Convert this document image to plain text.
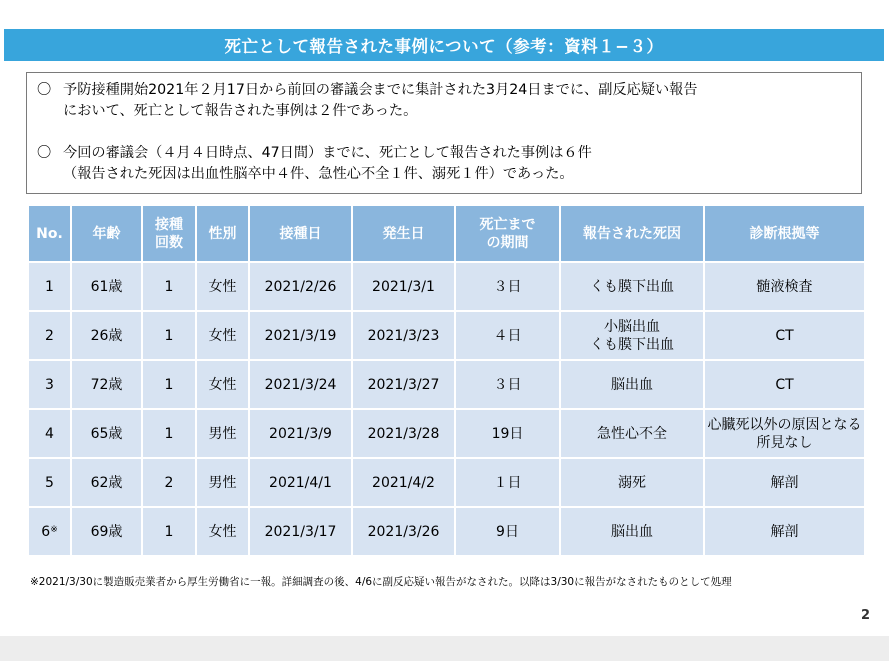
死亡として報告された事例について（参考：資料１−３）
〇 予防接種開始2021年２月17日から前回の審議会までに集計された3月24日までに、副反応疑い報告
において、死亡として報告された事例は２件であった。
〇 今回の審議会（４月４日時点、47日間）までに、死亡として報告された事例は６件
（報告された死因は出血性脳卒中４件、急性心不全１件、溺死１件）であった。
No.	年齢	接種
回数	性別	接種日	発生日	死亡まで
の期間	報告された死因	診断根拠等
1	61歳	1	女性	2021/2/26	2021/3/1	３日	くも膜下出血	髄液検査
2	26歳	1	女性	2021/3/19	2021/3/23	４日	小脳出血
くも膜下出血	CT
3	72歳	1	女性	2021/3/24	2021/3/27	３日	脳出血	CT
4	65歳	1	男性	2021/3/9	2021/3/28	19日	急性心不全	心臓死以外の原因となる
所見なし
5	62歳	2	男性	2021/4/1	2021/4/2	１日	溺死	解剖
6※	69歳	1	女性	2021/3/17	2021/3/26	9日	脳出血	解剖
※2021/3/30に製造販売業者から厚生労働省に一報。詳細調査の後、4/6に副反応疑い報告がなされた。以降は3/30に報告がなされたものとして処理
2
